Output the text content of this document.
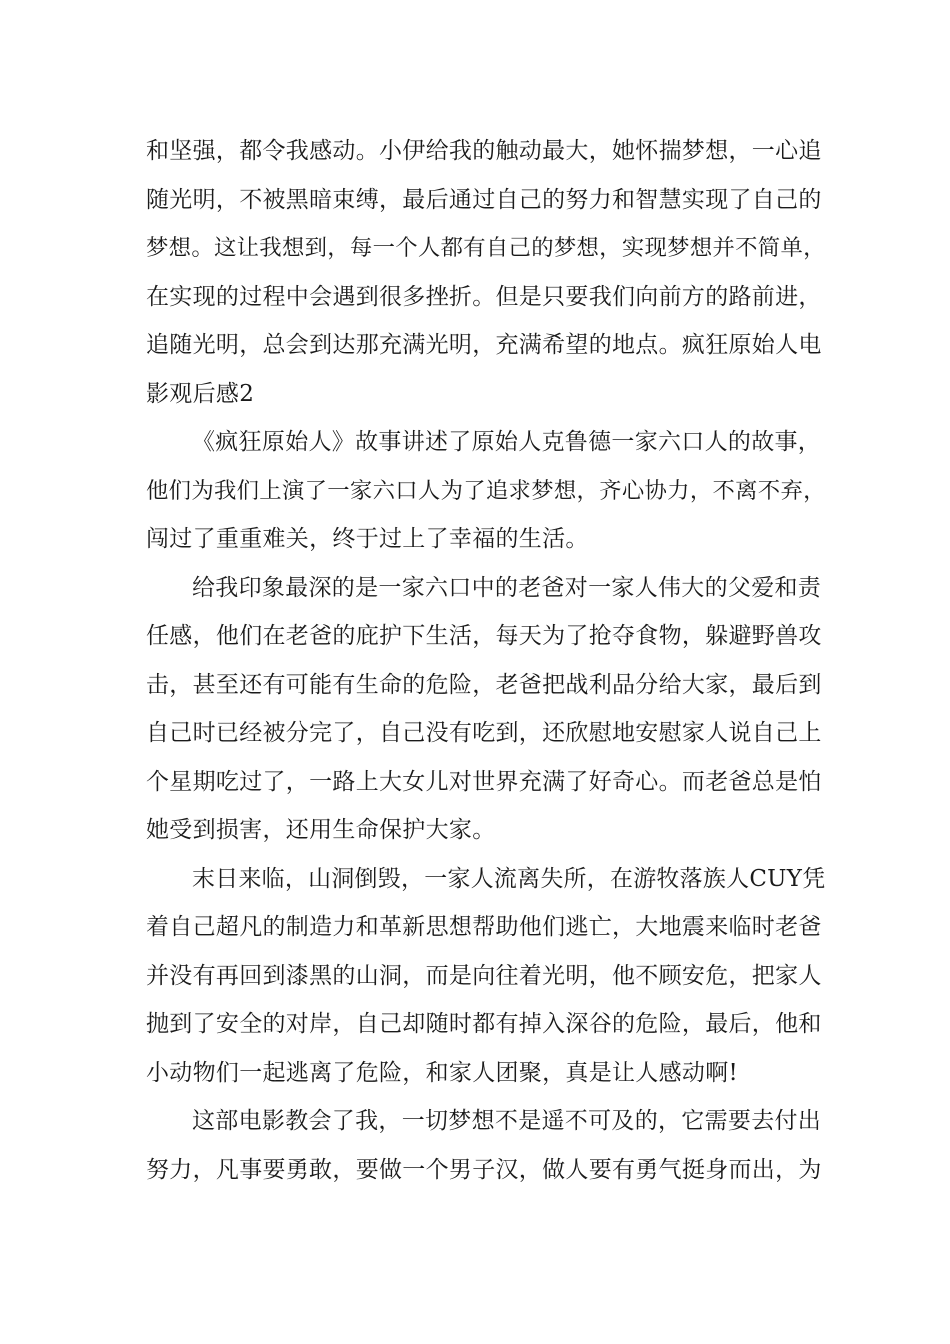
和坚强，都令我感动。小伊给我的触动最大，她怀揣梦想，一心追
随光明，不被黑暗束缚，最后通过自己的努力和智慧实现了自己的
梦想。这让我想到，每一个人都有自己的梦想，实现梦想并不简单，
在实现的过程中会遇到很多挫折。但是只要我们向前方的路前进，
追随光明，总会到达那充满光明，充满希望的地点。疯狂原始人电
影观后感2
《疯狂原始人》故事讲述了原始人克鲁德一家六口人的故事，
他们为我们上演了一家六口人为了追求梦想，齐心协力，不离不弃，
闯过了重重难关，终于过上了幸福的生活。
给我印象最深的是一家六口中的老爸对一家人伟大的父爱和责
任感，他们在老爸的庇护下生活，每天为了抢夺食物，躲避野兽攻
击，甚至还有可能有生命的危险，老爸把战利品分给大家，最后到
自己时已经被分完了，自己没有吃到，还欣慰地安慰家人说自己上
个星期吃过了，一路上大女儿对世界充满了好奇心。而老爸总是怕
她受到损害，还用生命保护大家。
末日来临，山洞倒毁，一家人流离失所，在游牧落族人CUY凭
着自己超凡的制造力和革新思想帮助他们逃亡，大地震来临时老爸
并没有再回到漆黑的山洞，而是向往着光明，他不顾安危，把家人
抛到了安全的对岸，自己却随时都有掉入深谷的危险，最后，他和
小动物们一起逃离了危险，和家人团聚，真是让人感动啊!
这部电影教会了我，一切梦想不是遥不可及的，它需要去付出
努力，凡事要勇敢，要做一个男子汉，做人要有勇气挺身而出，为
